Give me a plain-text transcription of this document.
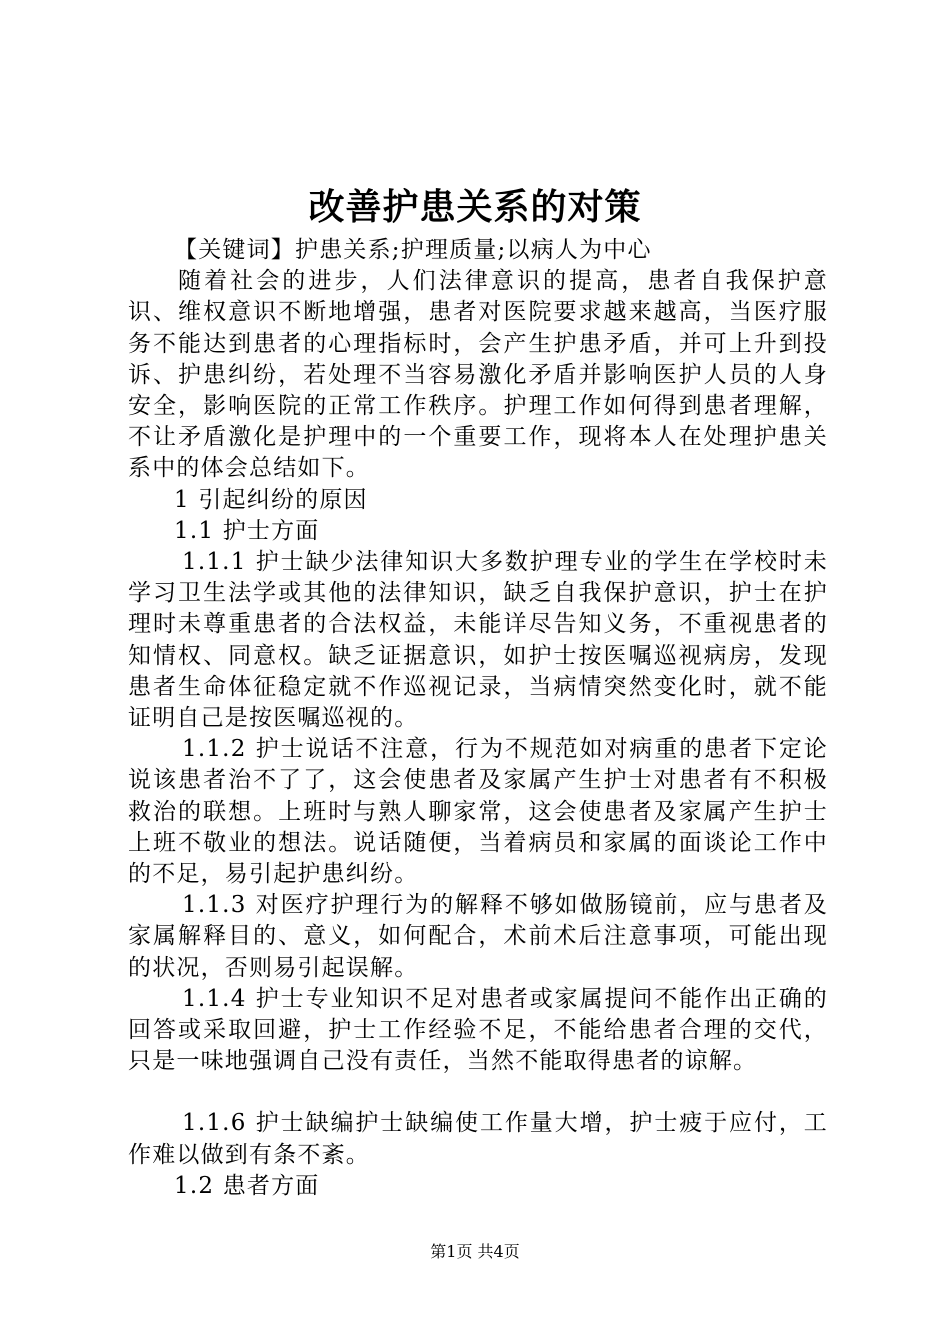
改善护患关系的对策

【关键词】护患关系;护理质量;以病人为中心

随着社会的进步，人们法律意识的提高，患者自我保护意识、维权意识不断地增强，患者对医院要求越来越高，当医疗服务不能达到患者的心理指标时，会产生护患矛盾，并可上升到投诉、护患纠纷，若处理不当容易激化矛盾并影响医护人员的人身安全，影响医院的正常工作秩序。护理工作如何得到患者理解，不让矛盾激化是护理中的一个重要工作，现将本人在处理护患关系中的体会总结如下。

1 引起纠纷的原因

1.1 护士方面

1.1.1 护士缺少法律知识大多数护理专业的学生在学校时未学习卫生法学或其他的法律知识，缺乏自我保护意识，护士在护理时未尊重患者的合法权益，未能详尽告知义务，不重视患者的知情权、同意权。缺乏证据意识，如护士按医嘱巡视病房，发现患者生命体征稳定就不作巡视记录，当病情突然变化时，就不能证明自己是按医嘱巡视的。

1.1.2 护士说话不注意，行为不规范如对病重的患者下定论说该患者治不了了，这会使患者及家属产生护士对患者有不积极救治的联想。上班时与熟人聊家常，这会使患者及家属产生护士上班不敬业的想法。说话随便，当着病员和家属的面谈论工作中的不足，易引起护患纠纷。

1.1.3 对医疗护理行为的解释不够如做肠镜前，应与患者及家属解释目的、意义，如何配合，术前术后注意事项，可能出现的状况，否则易引起误解。

1.1.4 护士专业知识不足对患者或家属提问不能作出正确的回答或采取回避，护士工作经验不足，不能给患者合理的交代，只是一味地强调自己没有责任，当然不能取得患者的谅解。

1.1.6 护士缺编护士缺编使工作量大增，护士疲于应付，工作难以做到有条不紊。

1.2 患者方面

第1页 共4页
